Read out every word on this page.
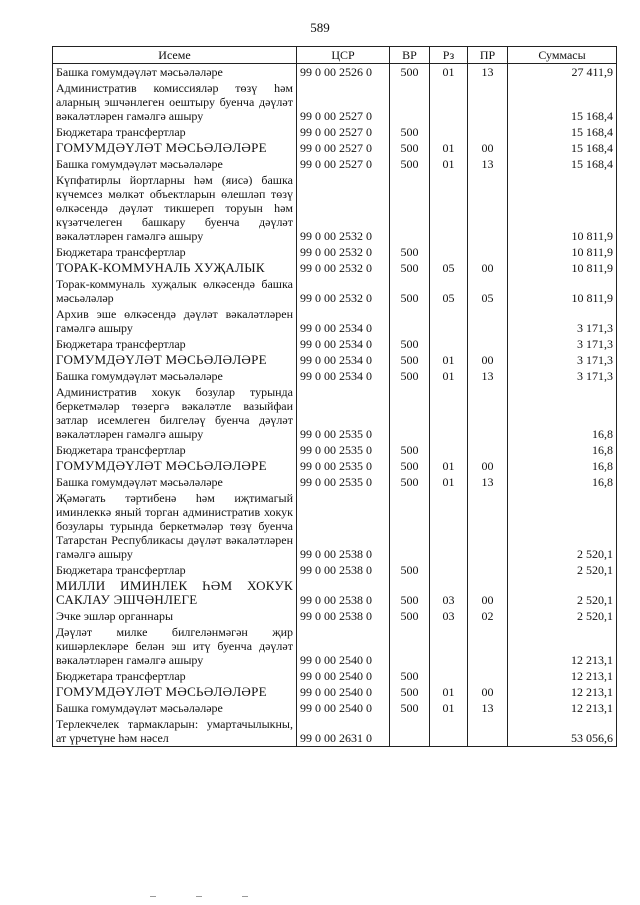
589
Исеме	ЦСР	ВР	Рз	ПР	Суммасы
Башка гомумдәүләт мәсьәләләре	99 0 00 2526 0	500	01	13	27 411,9
Административ комиссияләр төзү һәм аларның эшчәнлеген оештыру буенча дәүләт вәкаләтләрен гамәлгә ашыру	99 0 00 2527 0				15 168,4
Бюджетара трансфертлар	99 0 00 2527 0	500			15 168,4
ГОМУМДӘҮЛӘТ МӘСЬӘЛӘЛӘРЕ	99 0 00 2527 0	500	01	00	15 168,4
Башка гомумдәүләт мәсьәләләре	99 0 00 2527 0	500	01	13	15 168,4
Күпфатирлы йортларны һәм (яисә) башка күчемсез мөлкәт объектларын өлешләп төзү өлкәсендә дәүләт тикшереп торуын һәм күзәтчелеген башкару буенча дәүләт вәкаләтләрен гамәлгә ашыру	99 0 00 2532 0				10 811,9
Бюджетара трансфертлар	99 0 00 2532 0	500			10 811,9
ТОРАК-КОММУНАЛЬ ХУҖАЛЫК	99 0 00 2532 0	500	05	00	10 811,9
Торак-коммуналь хуҗалык өлкәсендә башка мәсьәләләр	99 0 00 2532 0	500	05	05	10 811,9
Архив эше өлкәсендә дәүләт вәкаләтләрен гамәлгә ашыру	99 0 00 2534 0				3 171,3
Бюджетара трансфертлар	99 0 00 2534 0	500			3 171,3
ГОМУМДӘҮЛӘТ МӘСЬӘЛӘЛӘРЕ	99 0 00 2534 0	500	01	00	3 171,3
Башка гомумдәүләт мәсьәләләре	99 0 00 2534 0	500	01	13	3 171,3
Административ хокук бозулар турында беркетмәләр төзергә вәкаләтле вазыйфаи затлар исемлеген билгеләү буенча дәүләт вәкаләтләрен гамәлгә ашыру	99 0 00 2535 0				16,8
Бюджетара трансфертлар	99 0 00 2535 0	500			16,8
ГОМУМДӘҮЛӘТ МӘСЬӘЛӘЛӘРЕ	99 0 00 2535 0	500	01	00	16,8
Башка гомумдәүләт мәсьәләләре	99 0 00 2535 0	500	01	13	16,8
Җәмәгать тәртибенә һәм иҗтимагый иминлеккә яный торган административ хокук бозулары турында беркетмәләр төзү буенча Татарстан Республикасы дәүләт вәкаләтләрен гамәлгә ашыру	99 0 00 2538 0				2 520,1
Бюджетара трансфертлар	99 0 00 2538 0	500			2 520,1
МИЛЛИ ИМИНЛЕК ҺӘМ ХОКУК САКЛАУ ЭШЧӘНЛЕГЕ	99 0 00 2538 0	500	03	00	2 520,1
Эчке эшләр органнары	99 0 00 2538 0	500	03	02	2 520,1
Дәүләт милке билгеләнмәгән җир кишәрлекләре белән эш итү буенча дәүләт вәкаләтләрен гамәлгә ашыру	99 0 00 2540 0				12 213,1
Бюджетара трансфертлар	99 0 00 2540 0	500			12 213,1
ГОМУМДӘҮЛӘТ МӘСЬӘЛӘЛӘРЕ	99 0 00 2540 0	500	01	00	12 213,1
Башка гомумдәүләт мәсьәләләре	99 0 00 2540 0	500	01	13	12 213,1
Терлекчелек тармакларын: умартачылыкны, ат үрчетүне һәм нәсел	99 0 00 2631 0				53 056,6
